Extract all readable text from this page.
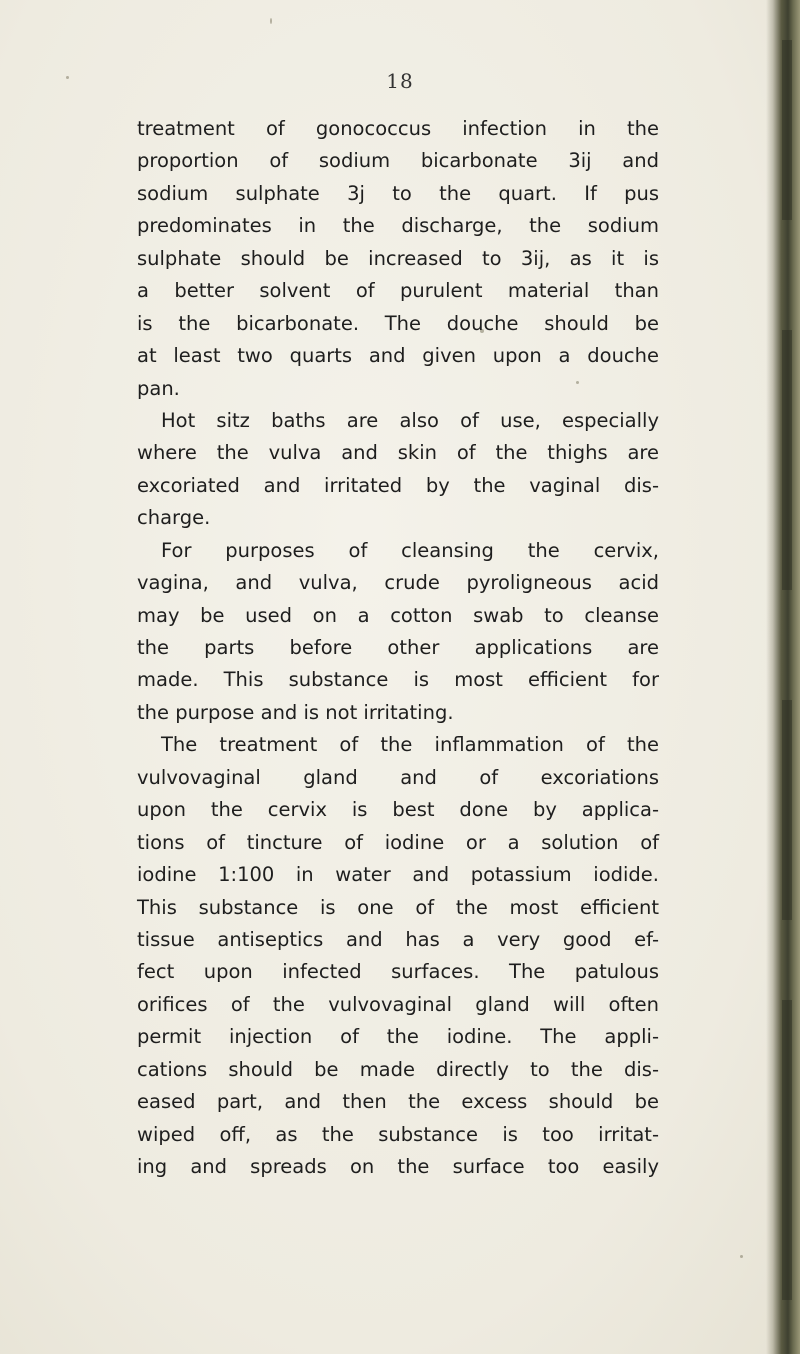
18
treatment of gonococcus infection in the
proportion of sodium bicarbonate 3ij and
sodium sulphate 3j to the quart. If pus
predominates in the discharge, the sodium
sulphate should be increased to 3ij, as it is
a better solvent of purulent material than
is the bicarbonate. The douche should be
at least two quarts and given upon a douche
pan.
Hot sitz baths are also of use, especially
where the vulva and skin of the thighs are
excoriated and irritated by the vaginal dis-
charge.
For purposes of cleansing the cervix,
vagina, and vulva, crude pyroligneous acid
may be used on a cotton swab to cleanse
the parts before other applications are
made. This substance is most efficient for
the purpose and is not irritating.
The treatment of the inflammation of the
vulvovaginal gland and of excoriations
upon the cervix is best done by applica-
tions of tincture of iodine or a solution of
iodine 1:100 in water and potassium iodide.
This substance is one of the most efficient
tissue antiseptics and has a very good ef-
fect upon infected surfaces. The patulous
orifices of the vulvovaginal gland will often
permit injection of the iodine. The appli-
cations should be made directly to the dis-
eased part, and then the excess should be
wiped off, as the substance is too irritat-
ing and spreads on the surface too easily
